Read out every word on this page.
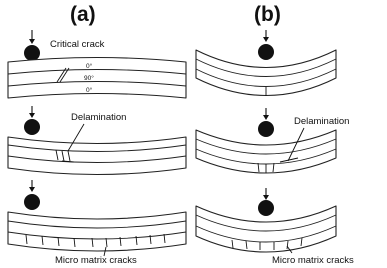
(a)	(b)
0°
90°
0°
Critical crack
Delamination
Micro matrix cracks
Delamination
Micro matrix cracks
